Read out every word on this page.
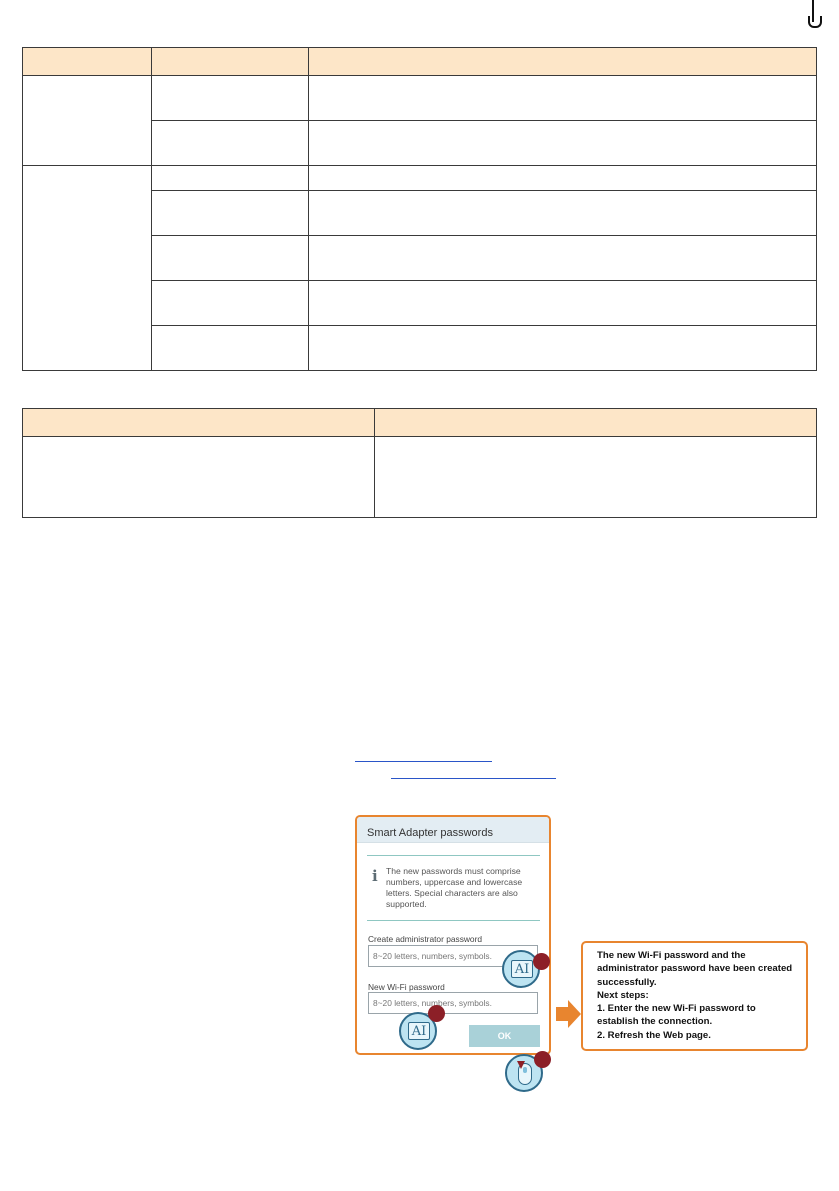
Smart Adapter passwords
i The new passwords must comprise numbers, uppercase and lowercase letters. Special characters are also supported.
Create administrator password
8~20 letters, numbers, symbols.
New Wi-Fi password
8~20 letters, numbers, symbols.
OK
AI
AI
The new Wi-Fi password and the
administrator password have been created
successfully.
Next steps:
1. Enter the new Wi-Fi password to
establish the connection.
2. Refresh the Web page.
